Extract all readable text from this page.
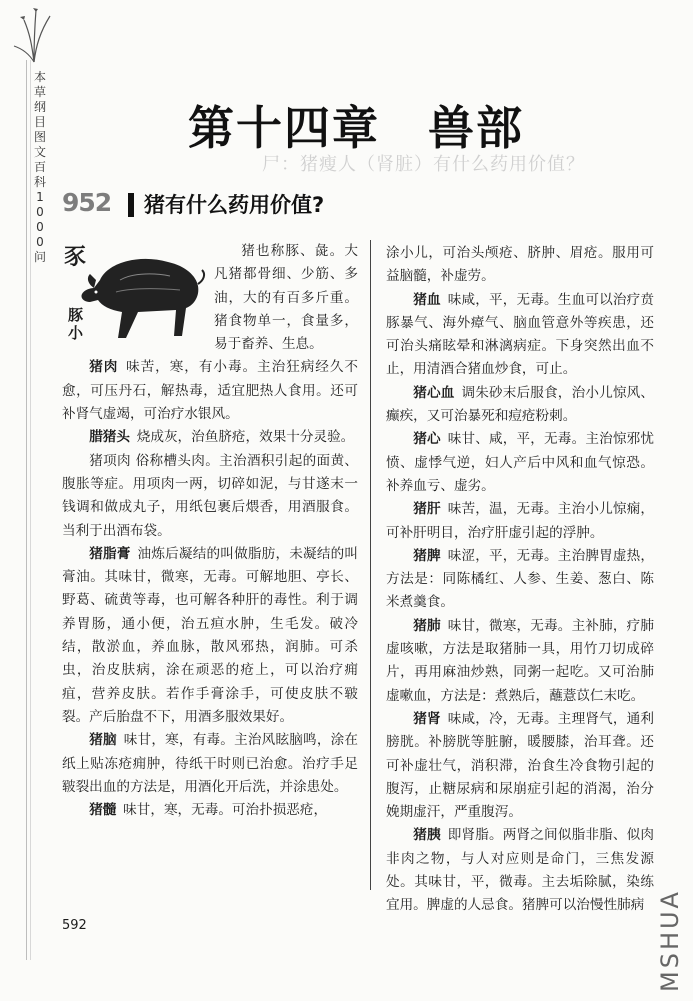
本草纲目图文百科1000问
第十四章　兽部
尸：猪瘦人（肾脏）有什么药用价值？
952 猪有什么药用价值?
豕
豚小

猪也称豚、彘。大凡猪都骨细、少筋、多油，大的有百多斤重。猪食物单一，食量多，易于畜养、生息。

猪肉  味苦，寒，有小毒。主治狂病经久不愈，可压丹石，解热毒，适宜肥热人食用。还可补肾气虚竭，可治疗水银风。

腊猪头  烧成灰，治鱼脐疮，效果十分灵验。

猪项肉 俗称槽头肉。主治酒积引起的面黄、腹胀等症。用项肉一两，切碎如泥，与甘遂末一钱调和做成丸子，用纸包裹后煨香，用酒服食。当利于出酒布袋。

猪脂膏  油炼后凝结的叫做脂肪，未凝结的叫膏油。其味甘，微寒，无毒。可解地胆、亭长、野葛、硫黄等毒，也可解各种肝的毒性。利于调养胃肠，通小便，治五疸水肿，生毛发。破冷结，散淤血，养血脉，散风邪热，润肺。可杀虫，治皮肤病，涂在顽恶的疮上，可以治疗痈疽，营养皮肤。若作手膏涂手，可使皮肤不皲裂。产后胎盘不下，用酒多服效果好。

猪脑  味甘，寒，有毒。主治风眩脑鸣，涂在纸上贴冻疮痈肿，待纸干时则已治愈。治疗手足皲裂出血的方法是，用酒化开后洗，并涂患处。

猪髓  味甘，寒，无毒。可治扑损恶疮，

涂小儿，可治头颅疮、脐肿、眉疮。服用可益脑髓，补虚劳。

猪血  味咸，平，无毒。生血可以治疗贲豚暴气、海外瘴气、脑血管意外等疾患，还可治头痛眩晕和淋漓病症。下身突然出血不止，用清酒合猪血炒食，可止。

猪心血  调朱砂末后服食，治小儿惊风、癫疾，又可治暴死和痘疮粉刺。

猪心  味甘、咸，平，无毒。主治惊邪忧愤、虚悸气逆，妇人产后中风和血气惊恐。补养血亏、虚劣。

猪肝  味苦，温，无毒。主治小儿惊痫，可补肝明目，治疗肝虚引起的浮肿。

猪脾  味涩，平，无毒。主治脾胃虚热，方法是：同陈橘红、人参、生姜、葱白、陈米煮羹食。

猪肺  味甘，微寒，无毒。主补肺，疗肺虚咳嗽，方法是取猪肺一具，用竹刀切成碎片，再用麻油炒熟，同粥一起吃。又可治肺虚嗽血，方法是：煮熟后，蘸薏苡仁末吃。

猪肾  味咸，冷，无毒。主理肾气，通利膀胱。补膀胱等脏腑，暖腰膝，治耳聋。还可补虚壮气，消积滞，治食生冷食物引起的腹泻，止糖尿病和尿崩症引起的消渴，治分娩期虚汗，严重腹泻。

猪胰  即肾脂。两肾之间似脂非脂、似肉非肉之物，与人对应则是命门，三焦发源处。其味甘，平，微毒。主去垢除腻，染练宜用。脾虚的人忌食。猪脾可以治慢性肺病

592	MSHUA
